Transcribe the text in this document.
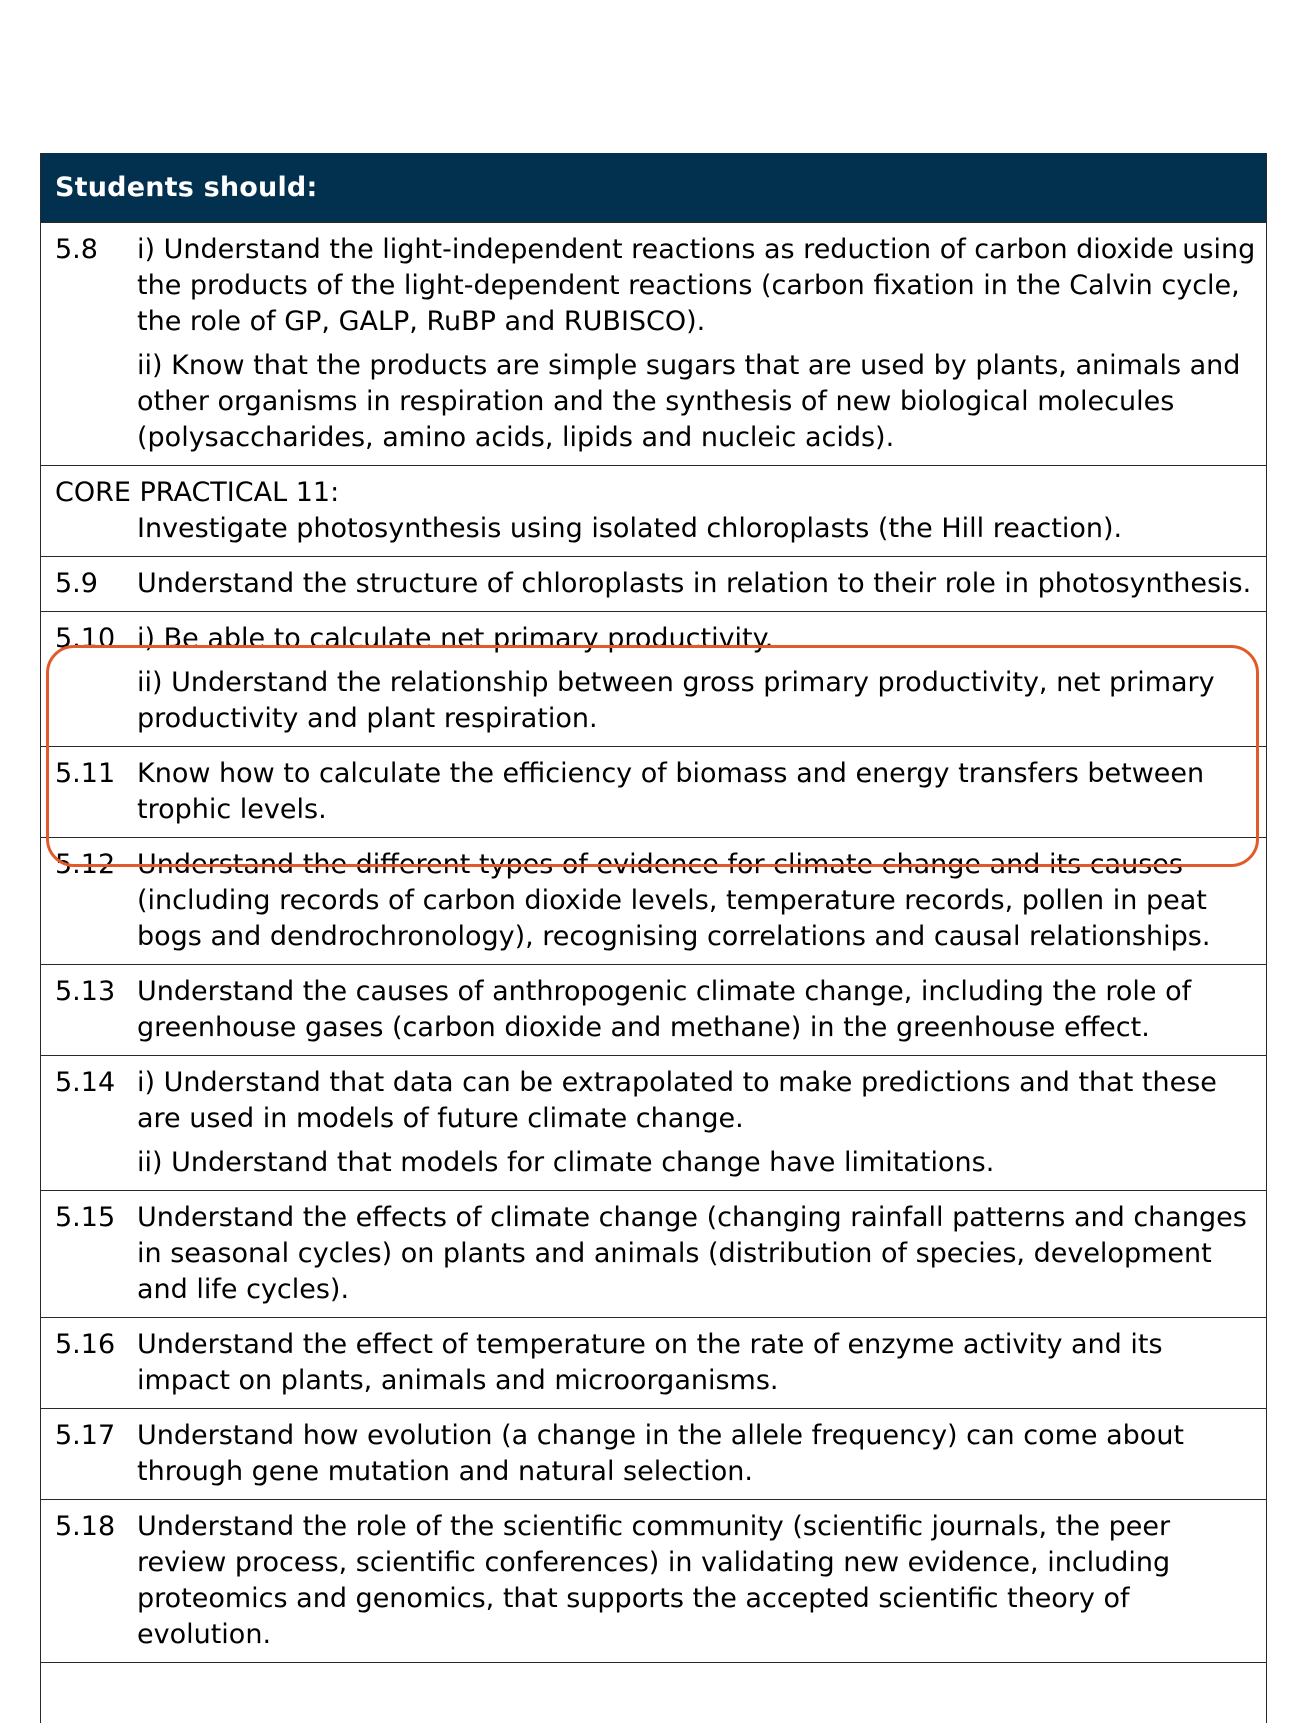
Students should:
5.8	i) Understand the light-independent reactions as reduction of carbon dioxide using the products of the light-dependent reactions (carbon fixation in the Calvin cycle, the role of GP, GALP, RuBP and RUBISCO).
ii) Know that the products are simple sugars that are used by plants, animals and other organisms in respiration and the synthesis of new biological molecules (polysaccharides, amino acids, lipids and nucleic acids).
CORE PRACTICAL 11:
Investigate photosynthesis using isolated chloroplasts (the Hill reaction).
5.9	Understand the structure of chloroplasts in relation to their role in photosynthesis.
5.10 i) Be able to calculate net primary productivity.
ii) Understand the relationship between gross primary productivity, net primary productivity and plant respiration.
5.11 Know how to calculate the efficiency of biomass and energy transfers between trophic levels.
5.12 Understand the different types of evidence for climate change and its causes (including records of carbon dioxide levels, temperature records, pollen in peat bogs and dendrochronology), recognising correlations and causal relationships.
5.13 Understand the causes of anthropogenic climate change, including the role of greenhouse gases (carbon dioxide and methane) in the greenhouse effect.
5.14 i) Understand that data can be extrapolated to make predictions and that these are used in models of future climate change.
ii) Understand that models for climate change have limitations.
5.15 Understand the effects of climate change (changing rainfall patterns and changes in seasonal cycles) on plants and animals (distribution of species, development and life cycles).
5.16 Understand the effect of temperature on the rate of enzyme activity and its impact on plants, animals and microorganisms.
5.17 Understand how evolution (a change in the allele frequency) can come about through gene mutation and natural selection.
5.18 Understand the role of the scientific community (scientific journals, the peer review process, scientific conferences) in validating new evidence, including proteomics and genomics, that supports the accepted scientific theory of evolution.
